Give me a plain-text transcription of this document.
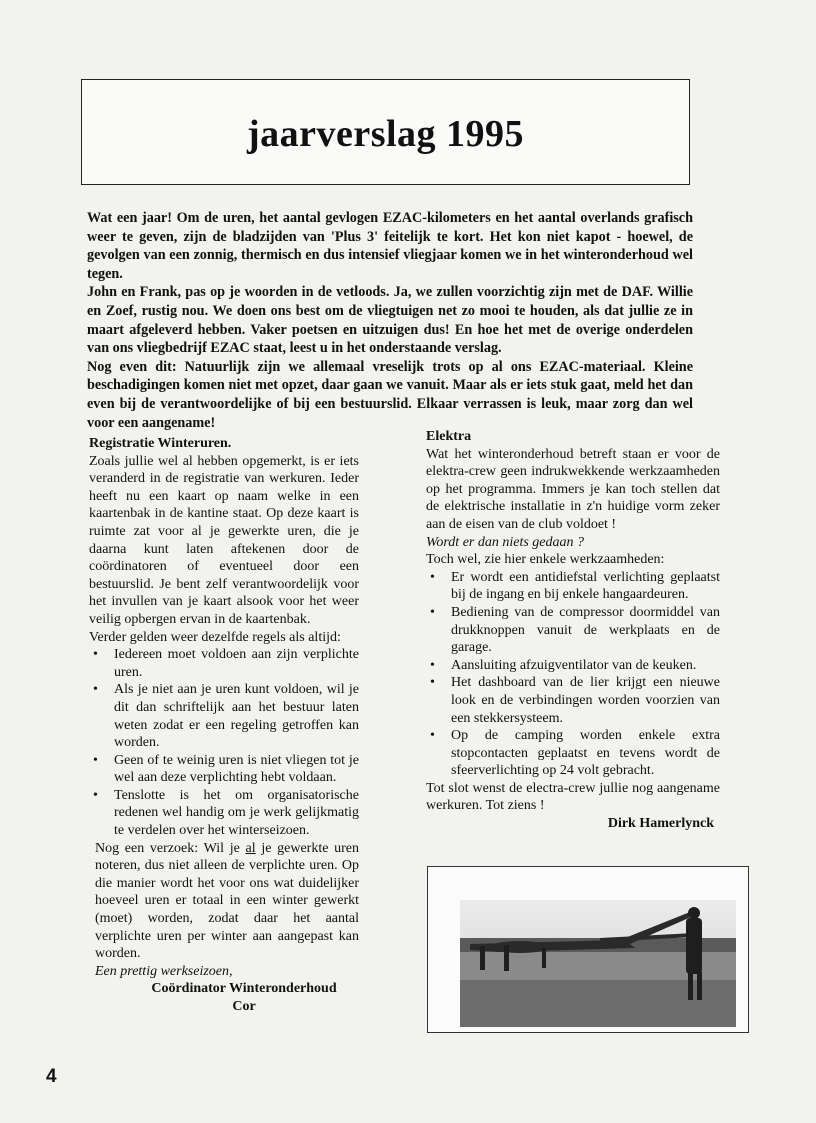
jaarverslag 1995

Wat een jaar! Om de uren, het aantal gevlogen EZAC-kilometers en het aantal overlands grafisch weer te geven, zijn de bladzijden van 'Plus 3' feitelijk te kort. Het kon niet kapot - hoewel, de gevolgen van een zonnig, thermisch en dus intensief vliegjaar komen we in het winteronderhoud wel tegen.

John en Frank, pas op je woorden in de vetloods. Ja, we zullen voorzichtig zijn met de DAF. Willie en Zoef, rustig nou. We doen ons best om de vliegtuigen net zo mooi te houden, als dat jullie ze in maart afgeleverd hebben. Vaker poetsen en uitzuigen dus! En hoe het met de overige onderdelen van ons vliegbedrijf EZAC staat, leest u in het onderstaande verslag.

Nog even dit: Natuurlijk zijn we allemaal vreselijk trots op al ons EZAC-materiaal. Kleine beschadigingen komen niet met opzet, daar gaan we vanuit. Maar als er iets stuk gaat, meld het dan even bij de verantwoordelijke of bij een bestuurslid. Elkaar verrassen is leuk, maar zorg dan wel voor een aangename!

Registratie Winteruren.

Zoals jullie wel al hebben opgemerkt, is er iets veranderd in de registratie van werkuren. Ieder heeft nu een kaart op naam welke in een kaartenbak in de kantine staat. Op deze kaart is ruimte zat voor al je gewerkte uren, die je daarna kunt laten aftekenen door de coördinatoren of eventueel door een bestuurslid. Je bent zelf verantwoordelijk voor het invullen van je kaart alsook voor het weer veilig opbergen ervan in de kaartenbak.

Verder gelden weer dezelfde regels als altijd:

• Iedereen moet voldoen aan zijn verplichte uren.
• Als je niet aan je uren kunt voldoen, wil je dit dan schriftelijk aan het bestuur laten weten zodat er een regeling getroffen kan worden.
• Geen of te weinig uren is niet vliegen tot je wel aan deze verplichting hebt voldaan.
• Tenslotte is het om organisatorische redenen wel handig om je werk gelijkmatig te verdelen over het winterseizoen.

Nog een verzoek: Wil je al je gewerkte uren noteren, dus niet alleen de verplichte uren. Op die manier wordt het voor ons wat duidelijker hoeveel uren er totaal in een winter gewerkt (moet) worden, zodat daar het aantal verplichte uren per winter aan aangepast kan worden.

Een prettig werkseizoen,

Coördinator Winteronderhoud

Cor

Elektra

Wat het winteronderhoud betreft staan er voor de elektra-crew geen indrukwekkende werkzaamheden op het programma. Immers je kan toch stellen dat de elektrische installatie in z'n huidige vorm zeker aan de eisen van de club voldoet !

Wordt er dan niets gedaan ?

Toch wel, zie hier enkele werkzaamheden:

• Er wordt een antidiefstal verlichting geplaatst bij de ingang en bij enkele hangaardeuren.
• Bediening van de compressor doormiddel van drukknoppen vanuit de werkplaats en de garage.
• Aansluiting afzuigventilator van de keuken.
• Het dashboard van de lier krijgt een nieuwe look en de verbindingen worden voorzien van een stekkersysteem.
• Op de camping worden enkele extra stopcontacten geplaatst en tevens wordt de sfeerverlichting op 24 volt gebracht.

Tot slot wenst de electra-crew jullie nog aangename werkuren. Tot ziens !

Dirk Hamerlynck

4
